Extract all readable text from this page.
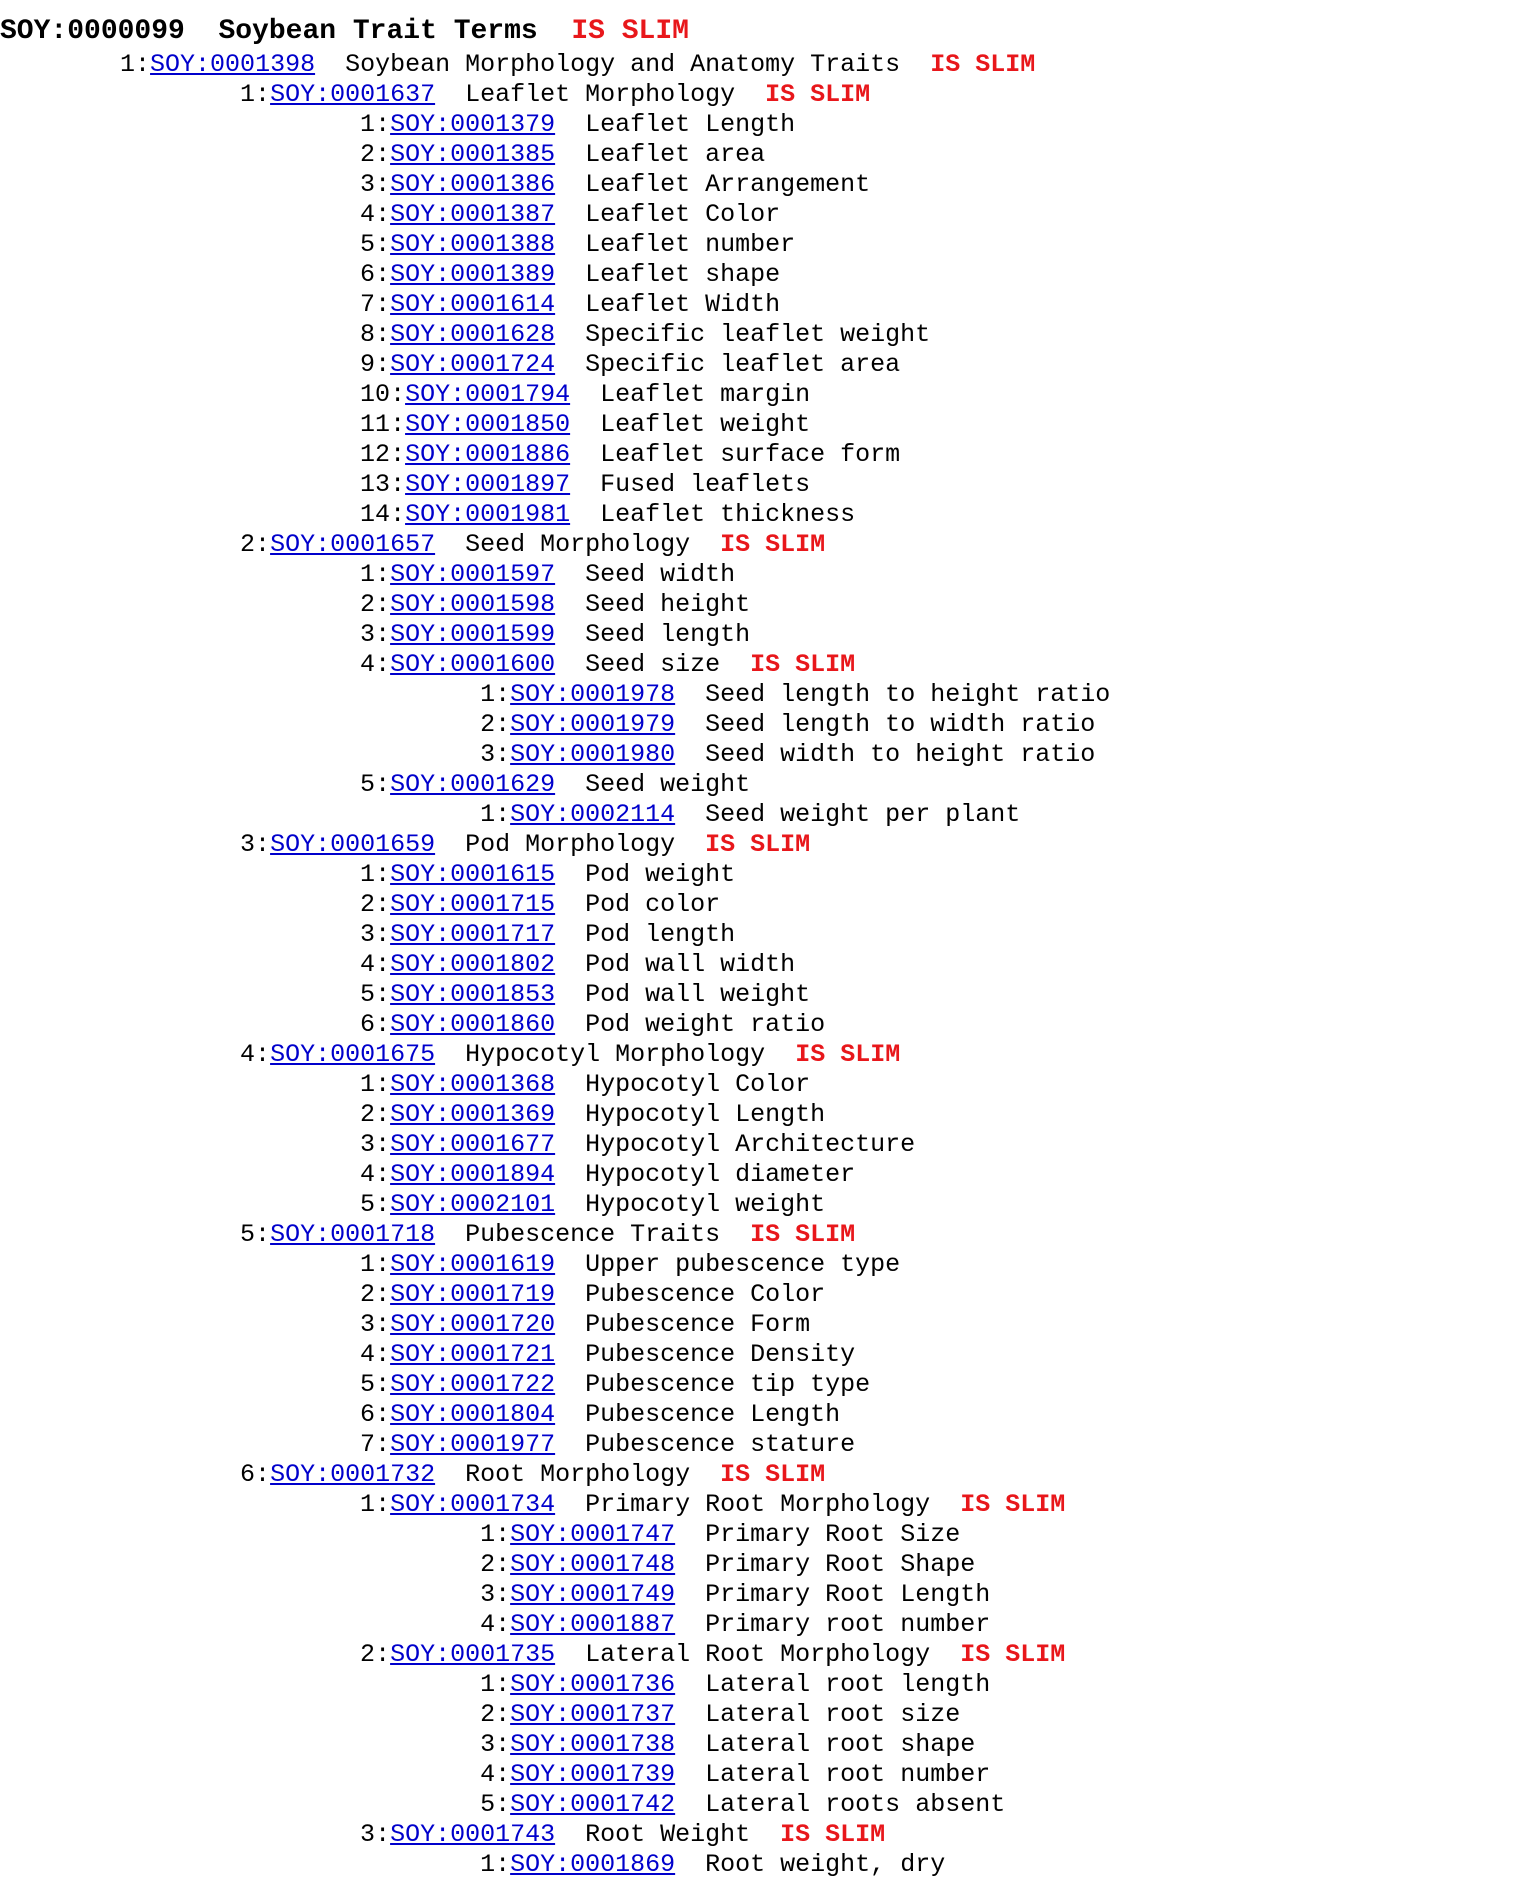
SOY:0000099 Soybean Trait Terms IS SLIM
1:SOY:0001398 Soybean Morphology and Anatomy Traits IS SLIM
1:SOY:0001637 Leaflet Morphology IS SLIM
1:SOY:0001379 Leaflet Length
2:SOY:0001385 Leaflet area
3:SOY:0001386 Leaflet Arrangement
4:SOY:0001387 Leaflet Color
5:SOY:0001388 Leaflet number
6:SOY:0001389 Leaflet shape
7:SOY:0001614 Leaflet Width
8:SOY:0001628 Specific leaflet weight
9:SOY:0001724 Specific leaflet area
10:SOY:0001794 Leaflet margin
11:SOY:0001850 Leaflet weight
12:SOY:0001886 Leaflet surface form
13:SOY:0001897 Fused leaflets
14:SOY:0001981 Leaflet thickness
2:SOY:0001657 Seed Morphology IS SLIM
1:SOY:0001597 Seed width
2:SOY:0001598 Seed height
3:SOY:0001599 Seed length
4:SOY:0001600 Seed size IS SLIM
1:SOY:0001978 Seed length to height ratio
2:SOY:0001979 Seed length to width ratio
3:SOY:0001980 Seed width to height ratio
5:SOY:0001629 Seed weight
1:SOY:0002114 Seed weight per plant
3:SOY:0001659 Pod Morphology IS SLIM
1:SOY:0001615 Pod weight
2:SOY:0001715 Pod color
3:SOY:0001717 Pod length
4:SOY:0001802 Pod wall width
5:SOY:0001853 Pod wall weight
6:SOY:0001860 Pod weight ratio
4:SOY:0001675 Hypocotyl Morphology IS SLIM
1:SOY:0001368 Hypocotyl Color
2:SOY:0001369 Hypocotyl Length
3:SOY:0001677 Hypocotyl Architecture
4:SOY:0001894 Hypocotyl diameter
5:SOY:0002101 Hypocotyl weight
5:SOY:0001718 Pubescence Traits IS SLIM
1:SOY:0001619 Upper pubescence type
2:SOY:0001719 Pubescence Color
3:SOY:0001720 Pubescence Form
4:SOY:0001721 Pubescence Density
5:SOY:0001722 Pubescence tip type
6:SOY:0001804 Pubescence Length
7:SOY:0001977 Pubescence stature
6:SOY:0001732 Root Morphology IS SLIM
1:SOY:0001734 Primary Root Morphology IS SLIM
1:SOY:0001747 Primary Root Size
2:SOY:0001748 Primary Root Shape
3:SOY:0001749 Primary Root Length
4:SOY:0001887 Primary root number
2:SOY:0001735 Lateral Root Morphology IS SLIM
1:SOY:0001736 Lateral root length
2:SOY:0001737 Lateral root size
3:SOY:0001738 Lateral root shape
4:SOY:0001739 Lateral root number
5:SOY:0001742 Lateral roots absent
3:SOY:0001743 Root Weight IS SLIM
1:SOY:0001869 Root weight, dry
